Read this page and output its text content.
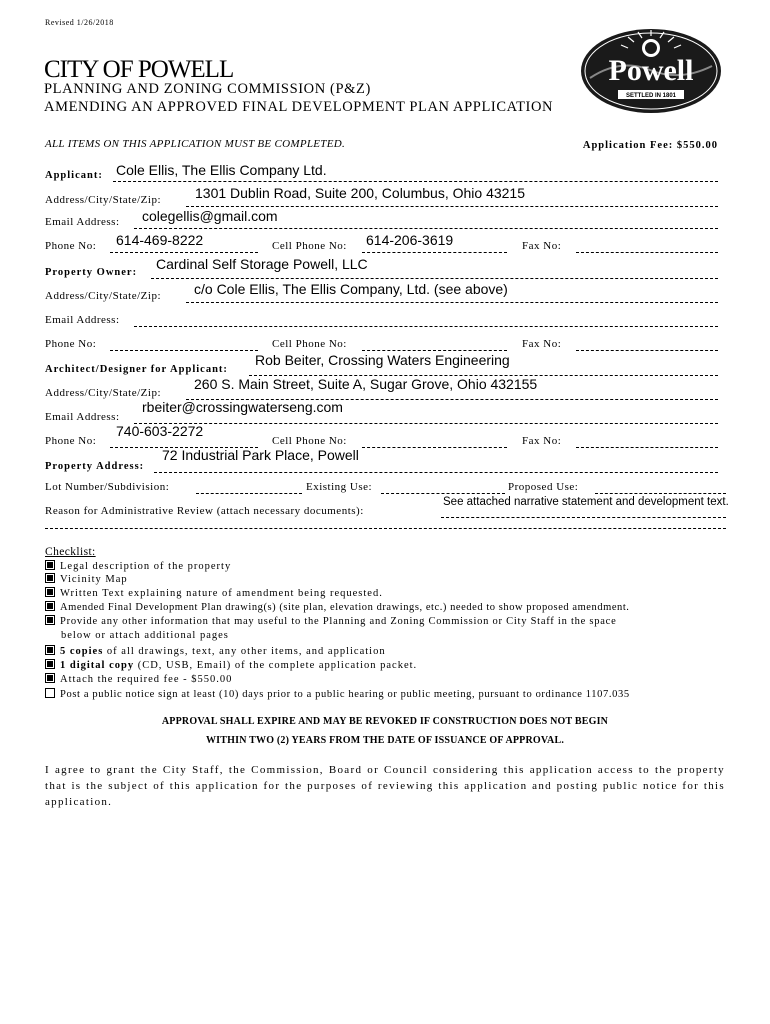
Revised 1/26/2018
CITY OF POWELL
PLANNING AND ZONING COMMISSION (P&Z)
AMENDING AN APPROVED FINAL DEVELOPMENT PLAN APPLICATION
Powell
SETTLED IN 1801
ALL ITEMS ON THIS APPLICATION MUST BE COMPLETED.	Application Fee: $550.00
Applicant: Cole Ellis, The Ellis Company Ltd.
Address/City/State/Zip: 1301 Dublin Road, Suite 200, Columbus, Ohio 43215
Email Address: colegellis@gmail.com
Phone No: 614-469-8222	Cell Phone No: 614-206-3619	Fax No:
Property Owner:
Cardinal Self Storage Powell, LLC
Address/City/State/Zip: c/o Cole Ellis, The Ellis Company, Ltd. (see above)
Email Address:
Phone No:	Cell Phone No:	Fax No:
Architect/Designer for Applicant:
Rob Beiter, Crossing Waters Engineering
Address/City/State/Zip:
260 S. Main Street, Suite A, Sugar Grove, Ohio 432155
Email Address:
rbeiter@crossingwaterseng.com
Phone No:
740-603-2272
Cell Phone No:	Fax No:
Property Address:
72 Industrial Park Place, Powell
Lot Number/Subdivision:	Existing Use:	Proposed Use:
Reason for Administrative Review (attach necessary documents):
See attached narrative statement and development text.
Checklist:
Legal description of the property
Vicinity Map
Written Text explaining nature of amendment being requested.
Amended Final Development Plan drawing(s) (site plan, elevation drawings, etc.) needed to show proposed amendment.
Provide any other information that may useful to the Planning and Zoning Commission or City Staff in the space
below or attach additional pages
5 copies of all drawings, text, any other items, and application
1 digital copy (CD, USB, Email) of the complete application packet.
Attach the required fee - $550.00
Post a public notice sign at least (10) days prior to a public hearing or public meeting, pursuant to ordinance 1107.035
APPROVAL SHALL EXPIRE AND MAY BE REVOKED IF CONSTRUCTION DOES NOT BEGIN
WITHIN TWO (2) YEARS FROM THE DATE OF ISSUANCE OF APPROVAL.
I agree to grant the City Staff, the Commission, Board or Council considering this application access to the property that is the subject of this application for the purposes of reviewing this application and posting public notice for this application.
